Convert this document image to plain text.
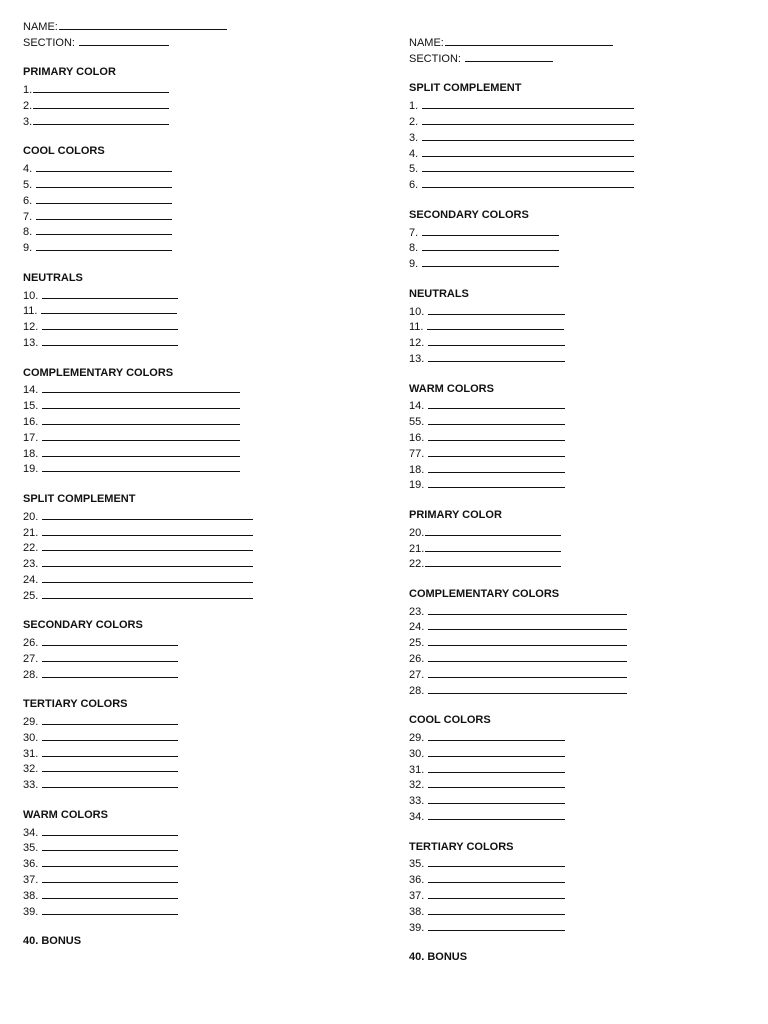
NAME:
SECTION:
PRIMARY COLOR
1.
2.
3.
COOL COLORS
4.
5.
6.
7.
8.
9.
NEUTRALS
10.
11.
12.
13.
COMPLEMENTARY COLORS
14.
15.
16.
17.
18.
19.
SPLIT COMPLEMENT
20.
21.
22.
23.
24.
25.
SECONDARY COLORS
26.
27.
28.
TERTIARY COLORS
29.
30.
31.
32.
33.
WARM COLORS
34.
35.
36.
37.
38.
39.
40. BONUS
NAME:
SECTION:
SPLIT COMPLEMENT
1.
2.
3.
4.
5.
6.
SECONDARY COLORS
7.
8.
9.
NEUTRALS
10.
11.
12.
13.
WARM COLORS
14.
55.
16.
77.
18.
19.
PRIMARY COLOR
20.
21.
22.
COMPLEMENTARY COLORS
23.
24.
25.
26.
27.
28.
COOL COLORS
29.
30.
31.
32.
33.
34.
TERTIARY COLORS
35.
36.
37.
38.
39.
40. BONUS
